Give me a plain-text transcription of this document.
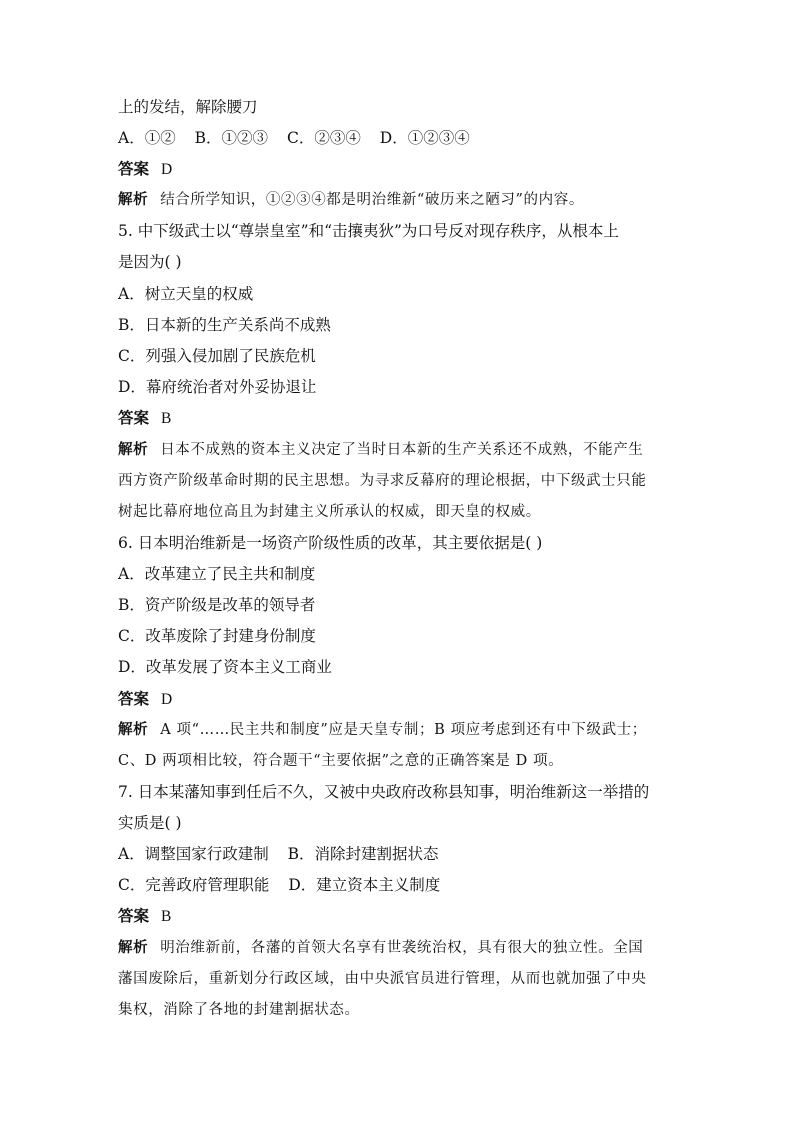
上的发结，解除腰刀
A．①② B．①②③ C．②③④ D．①②③④
答案 D
解析 结合所学知识，①②③④都是明治维新“破历来之陋习”的内容。
5. 中下级武士以“尊崇皇室”和“击攘夷狄”为口号反对现存秩序，从根本上
是因为( )
A．树立天皇的权威
B．日本新的生产关系尚不成熟
C．列强入侵加剧了民族危机
D．幕府统治者对外妥协退让
答案 B
解析 日本不成熟的资本主义决定了当时日本新的生产关系还不成熟，不能产生
西方资产阶级革命时期的民主思想。为寻求反幕府的理论根据，中下级武士只能
树起比幕府地位高且为封建主义所承认的权威，即天皇的权威。
6. 日本明治维新是一场资产阶级性质的改革，其主要依据是( )
A．改革建立了民主共和制度
B．资产阶级是改革的领导者
C．改革废除了封建身份制度
D．改革发展了资本主义工商业
答案 D
解析 A 项“……民主共和制度”应是天皇专制；B 项应考虑到还有中下级武士；
C、D 两项相比较，符合题干“主要依据”之意的正确答案是 D 项。
7. 日本某藩知事到任后不久，又被中央政府改称县知事，明治维新这一举措的
实质是( )
A．调整国家行政建制 B．消除封建割据状态
C．完善政府管理职能 D．建立资本主义制度
答案 B
解析 明治维新前，各藩的首领大名享有世袭统治权，具有很大的独立性。全国
藩国废除后，重新划分行政区域，由中央派官员进行管理，从而也就加强了中央
集权，消除了各地的封建割据状态。
